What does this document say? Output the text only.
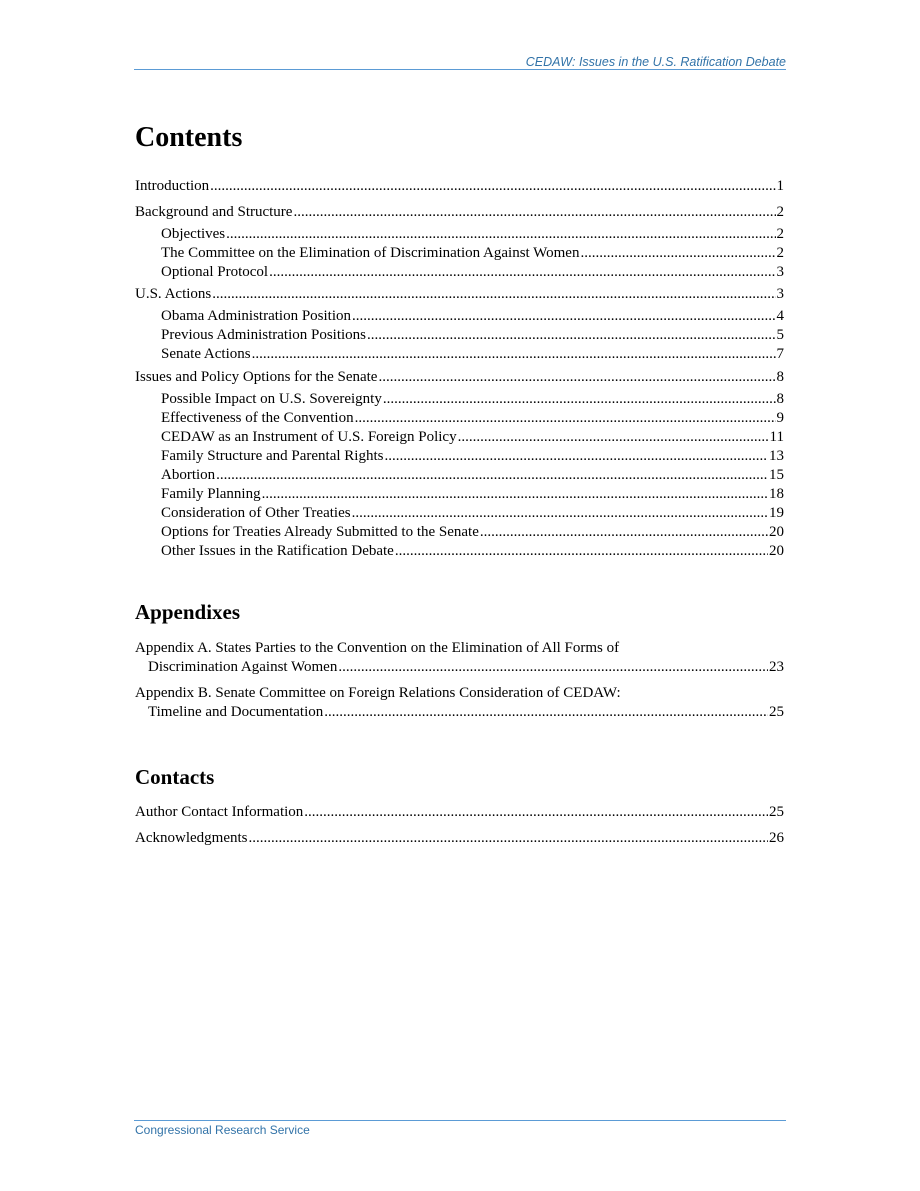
CEDAW: Issues in the U.S. Ratification Debate
Contents
Introduction .....	1
Background and Structure .....	2
Objectives .....	2
The Committee on the Elimination of Discrimination Against Women .....	2
Optional Protocol .....	3
U.S. Actions .....	3
Obama Administration Position .....	4
Previous Administration Positions .....	5
Senate Actions .....	7
Issues and Policy Options for the Senate .....	8
Possible Impact on U.S. Sovereignty .....	8
Effectiveness of the Convention .....	9
CEDAW as an Instrument of U.S. Foreign Policy .....	11
Family Structure and Parental Rights .....	13
Abortion .....	15
Family Planning .....	18
Consideration of Other Treaties .....	19
Options for Treaties Already Submitted to the Senate .....	20
Other Issues in the Ratification Debate .....	20
Appendixes
Appendix A. States Parties to the Convention on the Elimination of All Forms of
Discrimination Against Women .....	23
Appendix B. Senate Committee on Foreign Relations Consideration of CEDAW:
Timeline and Documentation .....	25
Contacts
Author Contact Information .....	25
Acknowledgments .....	26
Congressional Research Service
